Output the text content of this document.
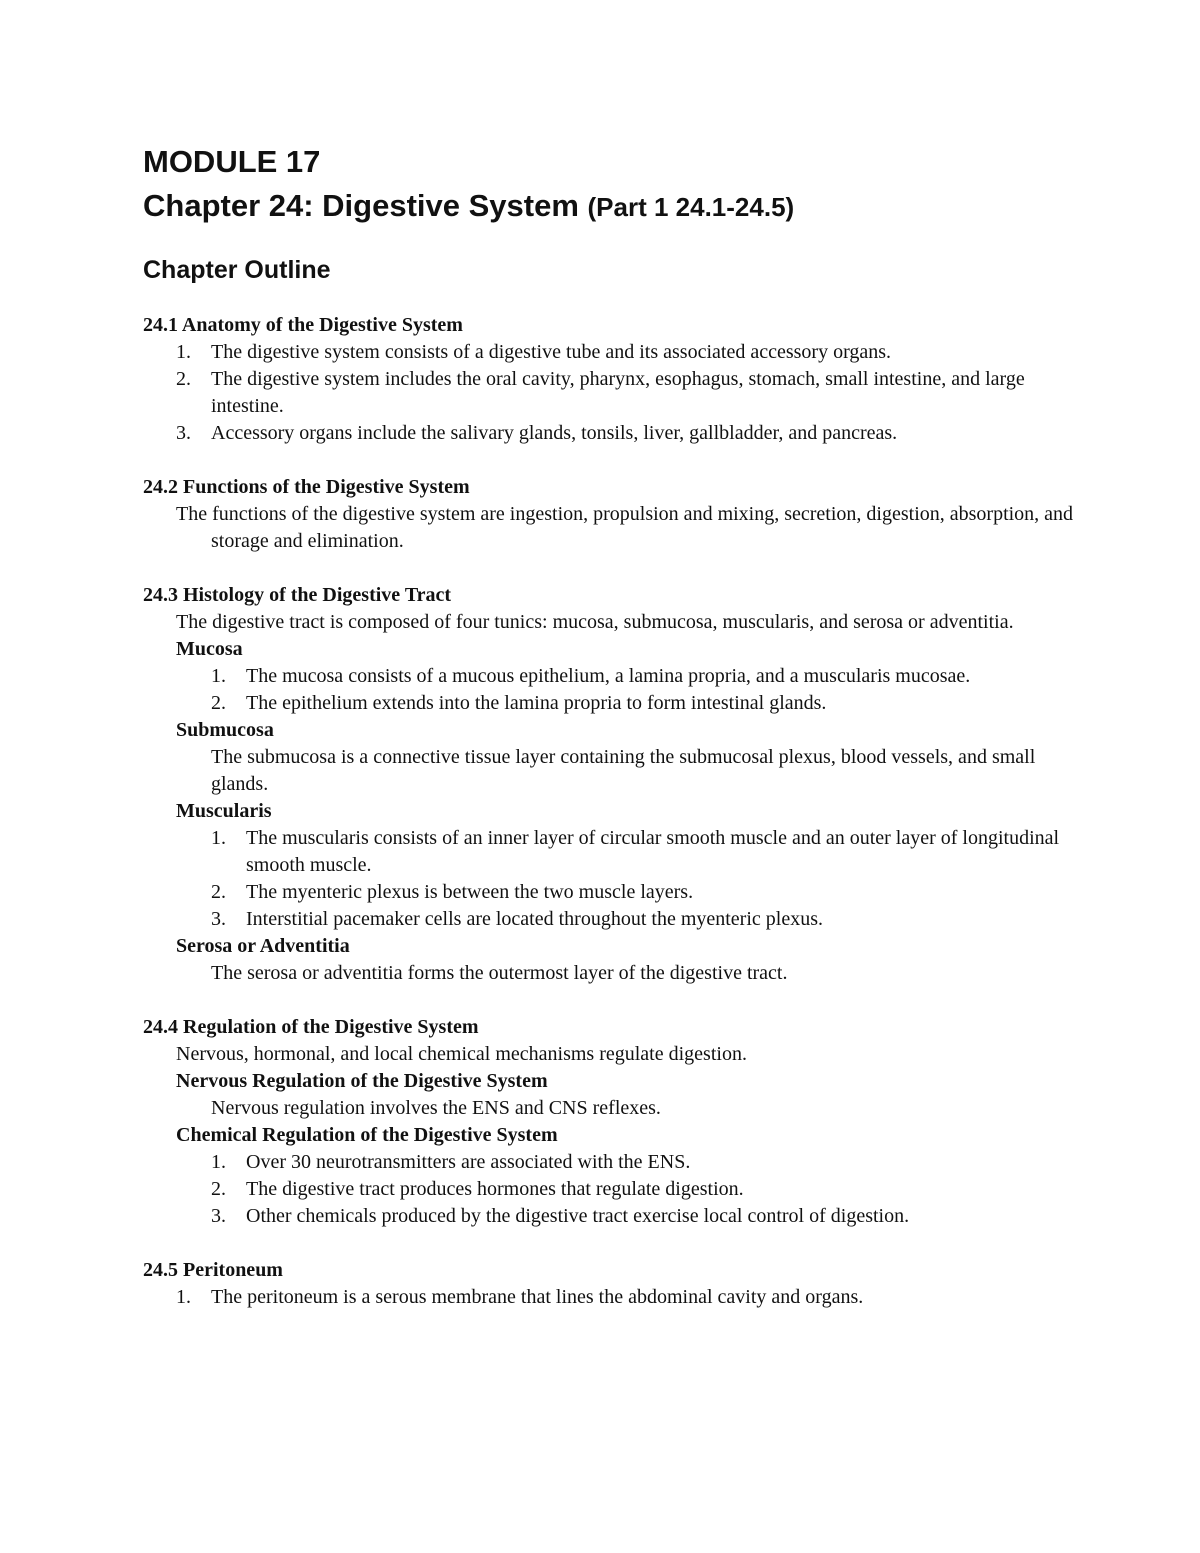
MODULE 17
Chapter 24: Digestive System (Part 1 24.1-24.5)
Chapter Outline
24.1 Anatomy of the Digestive System
1. The digestive system consists of a digestive tube and its associated accessory organs.
2. The digestive system includes the oral cavity, pharynx, esophagus, stomach, small intestine, and large intestine.
3. Accessory organs include the salivary glands, tonsils, liver, gallbladder, and pancreas.
24.2 Functions of the Digestive System
The functions of the digestive system are ingestion, propulsion and mixing, secretion, digestion, absorption, and storage and elimination.
24.3 Histology of the Digestive Tract
The digestive tract is composed of four tunics: mucosa, submucosa, muscularis, and serosa or adventitia.
Mucosa
1. The mucosa consists of a mucous epithelium, a lamina propria, and a muscularis mucosae.
2. The epithelium extends into the lamina propria to form intestinal glands.
Submucosa
The submucosa is a connective tissue layer containing the submucosal plexus, blood vessels, and small glands.
Muscularis
1. The muscularis consists of an inner layer of circular smooth muscle and an outer layer of longitudinal smooth muscle.
2. The myenteric plexus is between the two muscle layers.
3. Interstitial pacemaker cells are located throughout the myenteric plexus.
Serosa or Adventitia
The serosa or adventitia forms the outermost layer of the digestive tract.
24.4 Regulation of the Digestive System
Nervous, hormonal, and local chemical mechanisms regulate digestion.
Nervous Regulation of the Digestive System
Nervous regulation involves the ENS and CNS reflexes.
Chemical Regulation of the Digestive System
1. Over 30 neurotransmitters are associated with the ENS.
2. The digestive tract produces hormones that regulate digestion.
3. Other chemicals produced by the digestive tract exercise local control of digestion.
24.5 Peritoneum
1. The peritoneum is a serous membrane that lines the abdominal cavity and organs.
